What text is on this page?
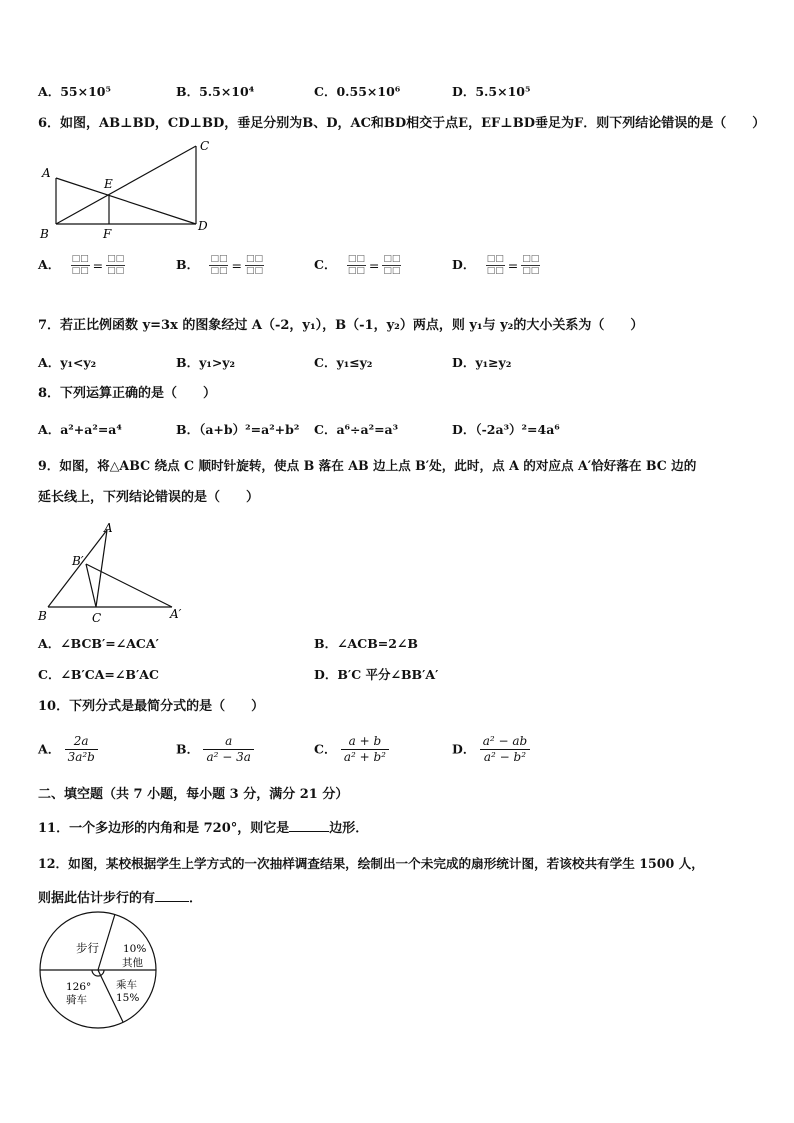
A．55×10⁵	B．5.5×10⁴	C．0.55×10⁶	D．5.5×10⁵
6．如图，AB⊥BD，CD⊥BD，垂足分别为B、D，AC和BD相交于点E，EF⊥BD垂足为F．则下列结论错误的是（　　）
A
B
C
D
E
F
A． □□
□□ = □□
□□	B． □□
□□ = □□
□□	C． □□
□□ = □□
□□	D． □□
□□ = □□
□□
7．若正比例函数 y=3x 的图象经过 A（-2，y₁），B（-1，y₂）两点，则 y₁与 y₂的大小关系为（　　）
A．y₁<y₂	B．y₁>y₂	C．y₁≤y₂	D．y₁≥y₂
8．下列运算正确的是（　　）
A．a²+a²=a⁴	B．（a+b）²=a²+b² C．a⁶÷a²=a³	D．（-2a³）²=4a⁶
9．如图，将△ABC 绕点 C 顺时针旋转，使点 B 落在 AB 边上点 B′处，此时，点 A 的对应点 A′恰好落在 BC 边的
延长线上，下列结论错误的是（　　）
A
B′
B	C	A′
A．∠BCB′=∠ACA′	B．∠ACB=2∠B
C．∠B′CA=∠B′AC	D．B′C 平分∠BB′A′
10．下列分式是最简分式的是（　　）
A． $\frac{2a}{\text{3a²b}}$	B． $\frac{a}{\text{a² − 3a}}$	C． $\frac{a + b}{\text{a² + b²}}$	D． $\frac{\text{a² − ab}}{\text{a² − b²}}$
二、填空题（共 7 小题，每小题 3 分，满分 21 分）
11．一个多边形的内角和是 720°，则它是	边形．
12．如图，某校根据学生上学方式的一次抽样调查结果，绘制出一个未完成的扇形统计图，若该校共有学生 1500 人，
则据此估计步行的有	．
步行 10%
其他
乘车
15%
126°
骑车
